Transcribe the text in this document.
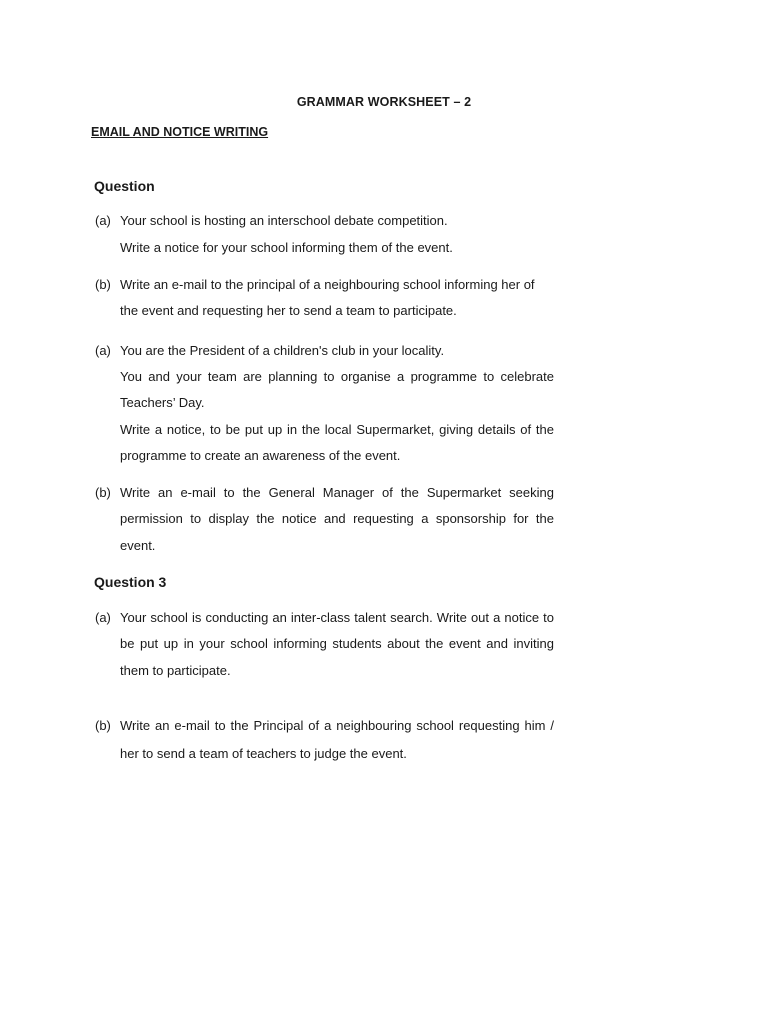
GRAMMAR WORKSHEET – 2
EMAIL AND NOTICE WRITING
Question
(a) Your school is hosting an interschool debate competition.
Write a notice for your school informing them of the event.
(b) Write an e-mail to the principal of a neighbouring school informing her of
the event and requesting her to send a team to participate.
(a) You are the President of a children's club in your locality.
You and your team are planning to organise a programme to celebrate
Teachers’ Day.
Write a notice, to be put up in the local Supermarket, giving details of the
programme to create an awareness of the event.
(b) Write an e-mail to the General Manager of the Supermarket seeking
permission to display the notice and requesting a sponsorship for the
event.
Question 3
(a) Your school is conducting an inter-class talent search. Write out a notice to
be put up in your school informing students about the event and inviting
them to participate.
(b) Write an e-mail to the Principal of a neighbouring school requesting him /
her to send a team of teachers to judge the event.
